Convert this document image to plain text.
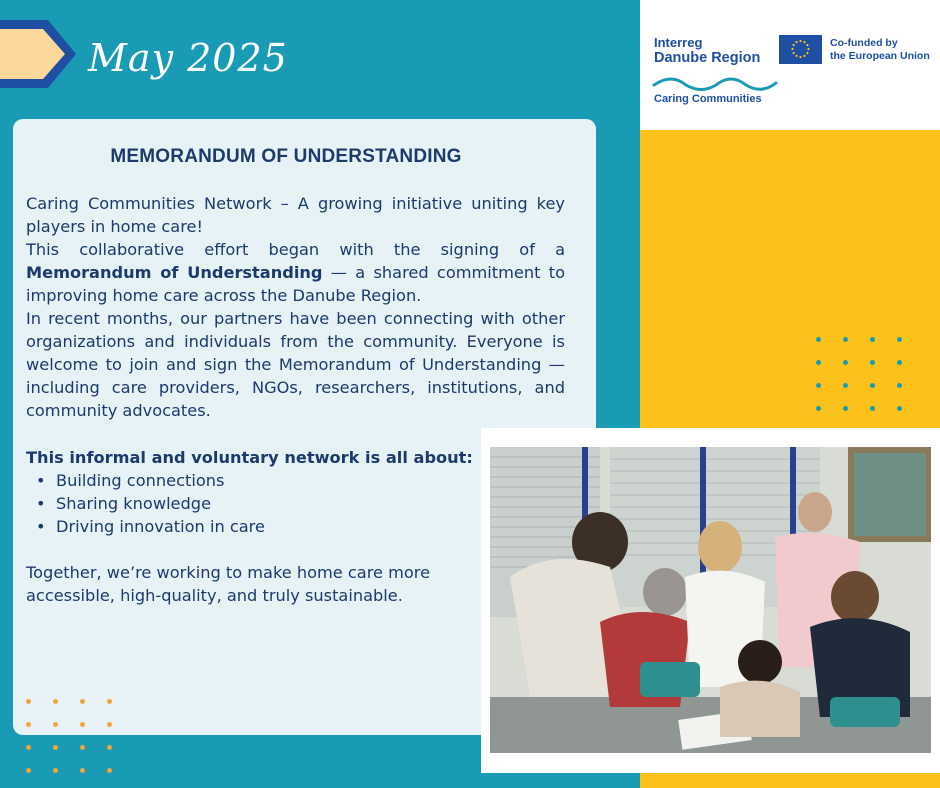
May 2025	Interreg
Danube Region
Co-funded by
the European Union
Caring Communities
MEMORANDUM OF UNDERSTANDING

Caring Communities Network – A growing initiative uniting key players in home care!

This collaborative effort began with the signing of a Memorandum of Understanding — a shared commitment to improving home care across the Danube Region.

In recent months, our partners have been connecting with other organizations and individuals from the community. Everyone is welcome to join and sign the Memorandum of Understanding — including care providers, NGOs, researchers, institutions, and community advocates.

This informal and voluntary network is all about:
• Building connections
• Sharing knowledge
• Driving innovation in care
Together, we’re working to make home care more
accessible, high-quality, and truly sustainable.
